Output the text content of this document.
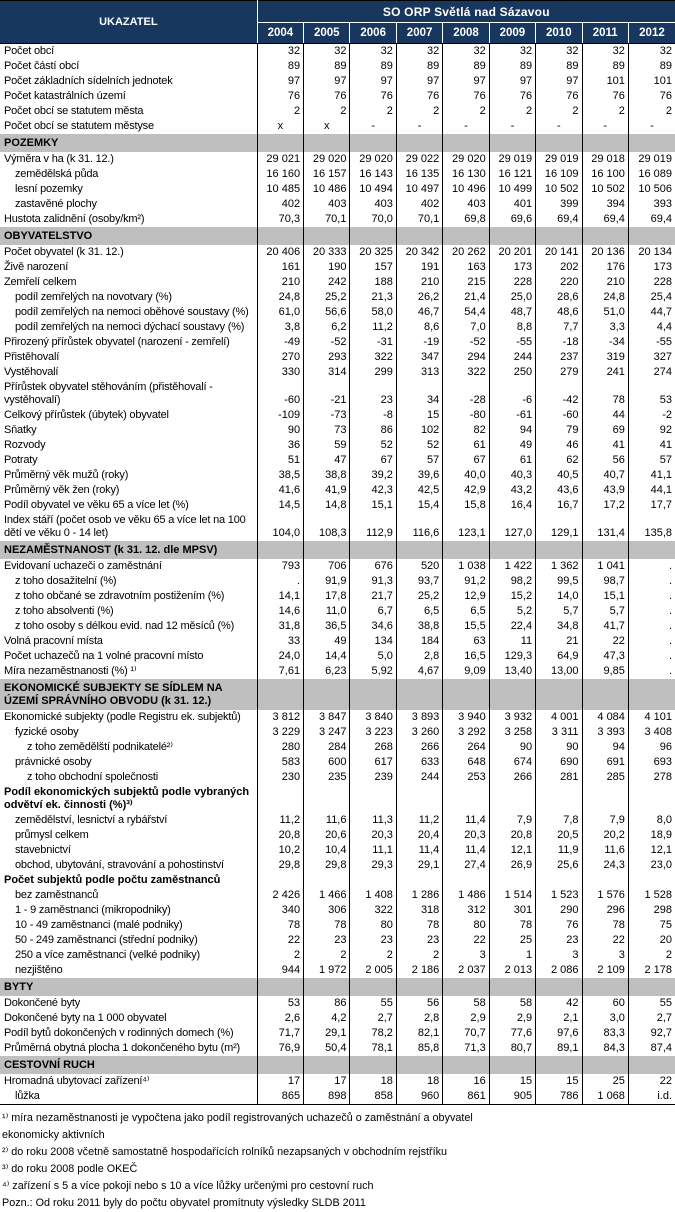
UKAZATEL	SO ORP Světlá nad Sázavou								
	2004	2005	2006	2007	2008	2009	2010	2011	2012
Počet obcí	32	32	32	32	32	32	32	32	32
Počet částí obcí	89	89	89	89	89	89	89	89	89
Počet základních sídelních jednotek	97	97	97	97	97	97	97	101	101
Počet katastrálních území	76	76	76	76	76	76	76	76	76
Počet obcí se statutem města	2	2	2	2	2	2	2	2	2
Počet obcí se statutem městyse	x	x	-	-	-	-	-	-	-
POZEMKY									
Výměra v ha (k 31. 12.)	29 021	29 020	29 020	29 022	29 020	29 019	29 019	29 018	29 019
zemědělská půda	16 160	16 157	16 143	16 135	16 130	16 121	16 109	16 100	16 089
lesní pozemky	10 485	10 486	10 494	10 497	10 496	10 499	10 502	10 502	10 506
zastavěné plochy	402	403	403	402	403	401	399	394	393
Hustota zalidnění (osoby/km²)	70,3	70,1	70,0	70,1	69,8	69,6	69,4	69,4	69,4
OBYVATELSTVO									
Počet obyvatel (k 31. 12.)	20 406	20 333	20 325	20 342	20 262	20 201	20 141	20 136	20 134
Živě narození	161	190	157	191	163	173	202	176	173
Zemřelí celkem	210	242	188	210	215	228	220	210	228
podíl zemřelých na novotvary (%)	24,8	25,2	21,3	26,2	21,4	25,0	28,6	24,8	25,4
podíl zemřelých na nemoci oběhové soustavy (%)	61,0	56,6	58,0	46,7	54,4	48,7	48,6	51,0	44,7
podíl zemřelých na nemoci dýchací soustavy (%)	3,8	6,2	11,2	8,6	7,0	8,8	7,7	3,3	4,4
Přirozený přírůstek obyvatel (narození - zemřelí)	-49	-52	-31	-19	-52	-55	-18	-34	-55
Přistěhovalí	270	293	322	347	294	244	237	319	327
Vystěhovalí	330	314	299	313	322	250	279	241	274
Přírůstek obyvatel stěhováním (přistěhovalí - vystěhovalí)	-60	-21	23	34	-28	-6	-42	78	53
Celkový přírůstek (úbytek) obyvatel	-109	-73	-8	15	-80	-61	-60	44	-2
Sňatky	90	73	86	102	82	94	79	69	92
Rozvody	36	59	52	52	61	49	46	41	41
Potraty	51	47	67	57	67	61	62	56	57
Průměrný věk mužů (roky)	38,5	38,8	39,2	39,6	40,0	40,3	40,5	40,7	41,1
Průměrný věk žen (roky)	41,6	41,9	42,3	42,5	42,9	43,2	43,6	43,9	44,1
Podíl obyvatel ve věku 65 a více let (%)	14,5	14,8	15,1	15,4	15,8	16,4	16,7	17,2	17,7
Index stáří (počet osob ve věku 65 a více let na 100 dětí ve věku 0 - 14 let)	104,0	108,3	112,9	116,6	123,1	127,0	129,1	131,4	135,8
NEZAMĚSTNANOST (k 31. 12. dle MPSV)									
Evidovaní uchazeči o zaměstnání	793	706	676	520	1 038	1 422	1 362	1 041	.
z toho dosažitelní (%)	.	91,9	91,3	93,7	91,2	98,2	99,5	98,7	.
z toho občané se zdravotním postižením (%)	14,1	17,8	21,7	25,2	12,9	15,2	14,0	15,1	.
z toho absolventi (%)	14,6	11,0	6,7	6,5	6,5	5,2	5,7	5,7	.
z toho osoby s délkou evid. nad 12 měsíců (%)	31,8	36,5	34,6	38,8	15,5	22,4	34,8	41,7	.
Volná pracovní místa	33	49	134	184	63	11	21	22	.
Počet uchazečů na 1 volné pracovní místo	24,0	14,4	5,0	2,8	16,5	129,3	64,9	47,3	.
Míra nezaměstnanosti (%) ¹⁾	7,61	6,23	5,92	4,67	9,09	13,40	13,00	9,85	.
EKONOMICKÉ SUBJEKTY SE SÍDLEM NA ÚZEMÍ SPRÁVNÍHO OBVODU (k 31. 12.)									
Ekonomické subjekty (podle Registru ek. subjektů)	3 812	3 847	3 840	3 893	3 940	3 932	4 001	4 084	4 101
fyzické osoby	3 229	3 247	3 223	3 260	3 292	3 258	3 311	3 393	3 408
z toho zemědělští podnikatelé²⁾	280	284	268	266	264	90	90	94	96
právnické osoby	583	600	617	633	648	674	690	691	693
z toho obchodní společnosti	230	235	239	244	253	266	281	285	278
Podíl ekonomických subjektů podle vybraných odvětví ek. činnosti (%)³⁾									
zemědělství, lesnictví a rybářství	11,2	11,6	11,3	11,2	11,4	7,9	7,8	7,9	8,0
průmysl celkem	20,8	20,6	20,3	20,4	20,3	20,8	20,5	20,2	18,9
stavebnictví	10,2	10,4	11,1	11,4	11,4	12,1	11,9	11,6	12,1
obchod, ubytování, stravování a pohostinství	29,8	29,8	29,3	29,1	27,4	26,9	25,6	24,3	23,0
Počet subjektů podle počtu zaměstnanců									
bez zaměstnanců	2 426	1 466	1 408	1 286	1 486	1 514	1 523	1 576	1 528
1 - 9 zaměstnanci (mikropodniky)	340	306	322	318	312	301	290	296	298
10 - 49 zaměstnanci (malé podniky)	78	78	80	78	80	78	76	78	75
50 - 249 zaměstnanci (střední podniky)	22	23	23	23	22	25	23	22	20
250 a více zaměstnanci (velké podniky)	2	2	2	2	3	1	3	3	2
nezjištěno	944	1 972	2 005	2 186	2 037	2 013	2 086	2 109	2 178
BYTY									
Dokončené byty	53	86	55	56	58	58	42	60	55
Dokončené byty na 1 000 obyvatel	2,6	4,2	2,7	2,8	2,9	2,9	2,1	3,0	2,7
Podíl bytů dokončených v rodinných domech (%)	71,7	29,1	78,2	82,1	70,7	77,6	97,6	83,3	92,7
Průměrná obytná plocha 1 dokončeného bytu (m²)	76,9	50,4	78,1	85,8	71,3	80,7	89,1	84,3	87,4
CESTOVNÍ RUCH									
Hromadná ubytovací zařízení⁴⁾	17	17	18	18	16	15	15	25	22
lůžka	865	898	858	960	861	905	786	1 068	i.d.
¹⁾ míra nezaměstnanosti je vypočtena jako podíl registrovaných uchazečů o zaměstnání a obyvatel
ekonomicky aktivních
²⁾ do roku 2008 včetně samostatně hospodařících rolníků nezapsaných v obchodním rejstříku
³⁾ do roku 2008 podle OKEČ
⁴⁾ zařízení s 5 a více pokoji nebo s 10 a více lůžky určenými pro cestovní ruch
Pozn.: Od roku 2011 byly do počtu obyvatel promítnuty výsledky SLDB 2011
